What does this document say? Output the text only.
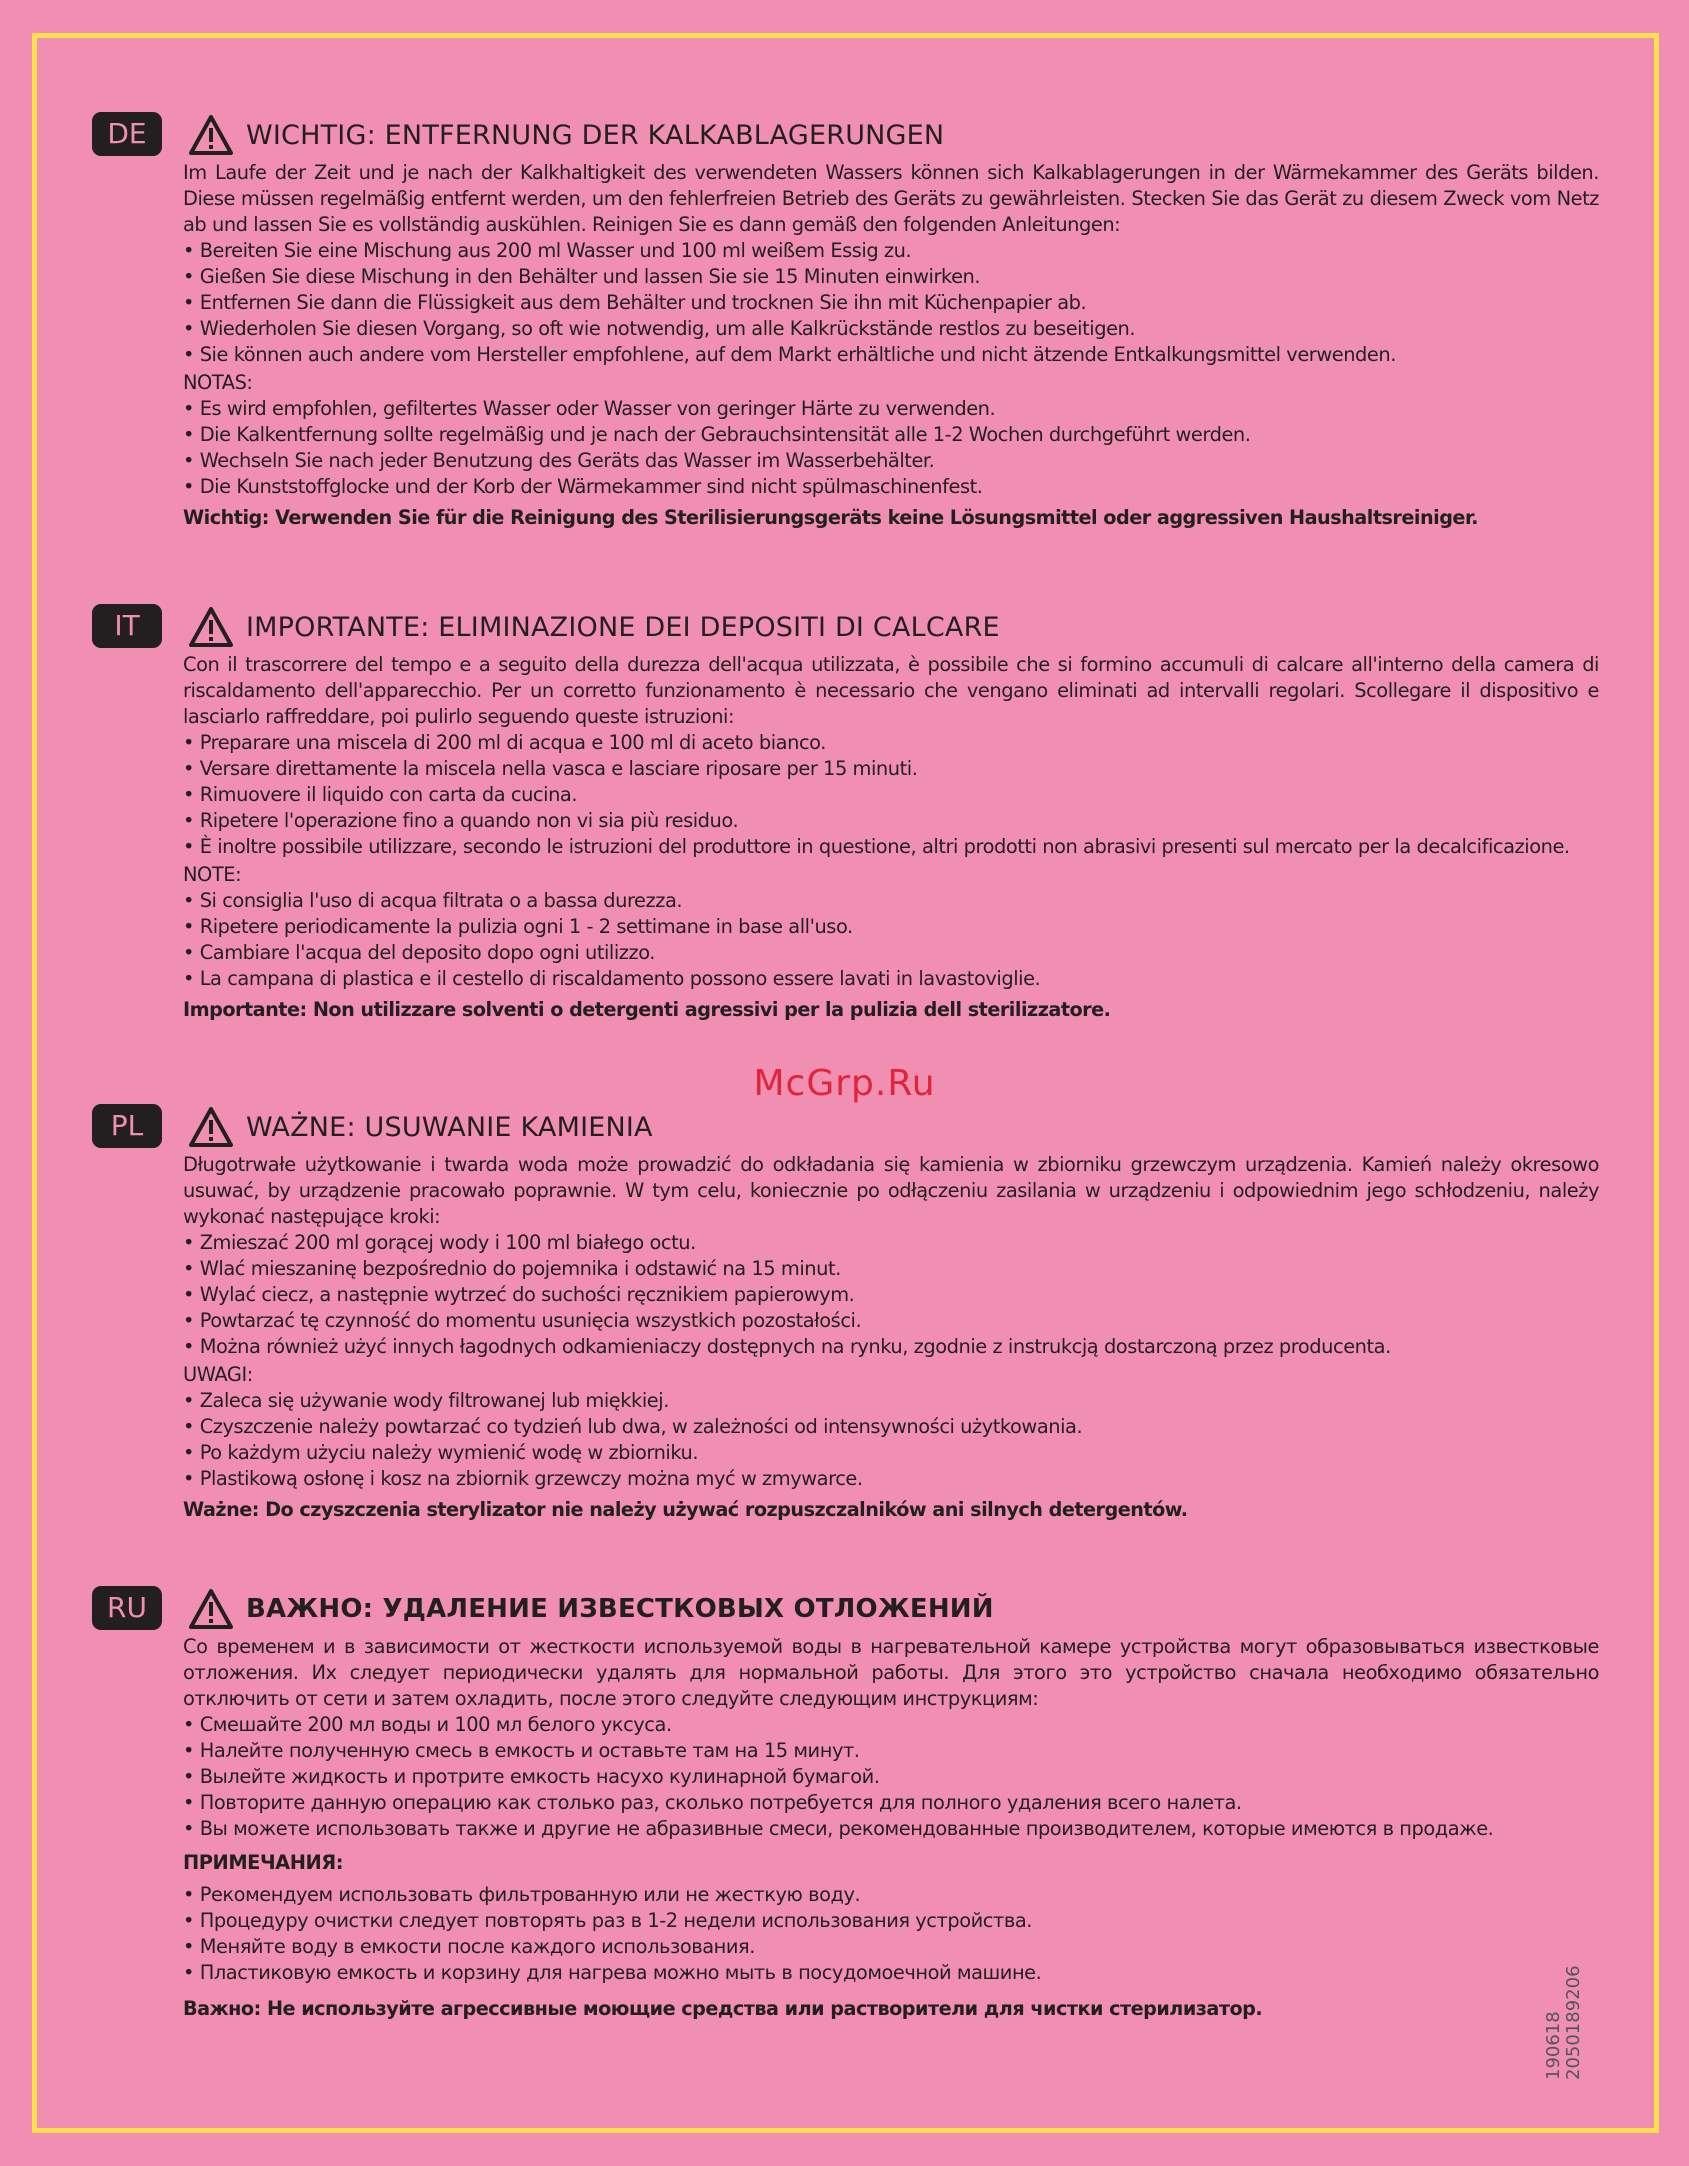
DE	WICHTIG: ENTFERNUNG DER KALKABLAGERUNGEN

Im Laufe der Zeit und je nach der Kalkhaltigkeit des verwendeten Wassers können sich Kalkablagerungen in der Wärmekammer des Geräts bilden. Diese müssen regelmäßig entfernt werden, um den fehlerfreien Betrieb des Geräts zu gewährleisten. Stecken Sie das Gerät zu diesem Zweck vom Netz ab und lassen Sie es vollständig auskühlen. Reinigen Sie es dann gemäß den folgenden Anleitungen:

• Bereiten Sie eine Mischung aus 200 ml Wasser und 100 ml weißem Essig zu.
• Gießen Sie diese Mischung in den Behälter und lassen Sie sie 15 Minuten einwirken.
• Entfernen Sie dann die Flüssigkeit aus dem Behälter und trocknen Sie ihn mit Küchenpapier ab.
• Wiederholen Sie diesen Vorgang, so oft wie notwendig, um alle Kalkrückstände restlos zu beseitigen.
• Sie können auch andere vom Hersteller empfohlene, auf dem Markt erhältliche und nicht ätzende Entkalkungsmittel verwenden.
NOTAS:
• Es wird empfohlen, gefiltertes Wasser oder Wasser von geringer Härte zu verwenden.
• Die Kalkentfernung sollte regelmäßig und je nach der Gebrauchsintensität alle 1-2 Wochen durchgeführt werden.
• Wechseln Sie nach jeder Benutzung des Geräts das Wasser im Wasserbehälter.
• Die Kunststoffglocke und der Korb der Wärmekammer sind nicht spülmaschinenfest.
Wichtig: Verwenden Sie für die Reinigung des Sterilisierungsgeräts keine Lösungsmittel oder aggressiven Haushaltsreiniger.
IT	IMPORTANTE: ELIMINAZIONE DEI DEPOSITI DI CALCARE

Con il trascorrere del tempo e a seguito della durezza dell'acqua utilizzata, è possibile che si formino accumuli di calcare all'interno della camera di riscaldamento dell'apparecchio. Per un corretto funzionamento è necessario che vengano eliminati ad intervalli regolari. Scollegare il dispositivo e lasciarlo raffreddare, poi pulirlo seguendo queste istruzioni:

• Preparare una miscela di 200 ml di acqua e 100 ml di aceto bianco.
• Versare direttamente la miscela nella vasca e lasciare riposare per 15 minuti.
• Rimuovere il liquido con carta da cucina.
• Ripetere l'operazione fino a quando non vi sia più residuo.
• È inoltre possibile utilizzare, secondo le istruzioni del produttore in questione, altri prodotti non abrasivi presenti sul mercato per la decalcificazione.
NOTE:
• Si consiglia l'uso di acqua filtrata o a bassa durezza.
• Ripetere periodicamente la pulizia ogni 1 - 2 settimane in base all'uso.
• Cambiare l'acqua del deposito dopo ogni utilizzo.
• La campana di plastica e il cestello di riscaldamento possono essere lavati in lavastoviglie.
Importante: Non utilizzare solventi o detergenti agressivi per la pulizia dell sterilizzatore.
McGrp.Ru
PL	WAŻNE: USUWANIE KAMIENIA

Długotrwałe użytkowanie i twarda woda może prowadzić do odkładania się kamienia w zbiorniku grzewczym urządzenia. Kamień należy okresowo usuwać, by urządzenie pracowało poprawnie. W tym celu, koniecznie po odłączeniu zasilania w urządzeniu i odpowiednim jego schłodzeniu, należy wykonać następujące kroki:

• Zmieszać 200 ml gorącej wody i 100 ml białego octu.
• Wlać mieszaninę bezpośrednio do pojemnika i odstawić na 15 minut.
• Wylać ciecz, a następnie wytrzeć do suchości ręcznikiem papierowym.
• Powtarzać tę czynność do momentu usunięcia wszystkich pozostałości.
• Można również użyć innych łagodnych odkamieniaczy dostępnych na rynku, zgodnie z instrukcją dostarczoną przez producenta.
UWAGI:
• Zaleca się używanie wody filtrowanej lub miękkiej.
• Czyszczenie należy powtarzać co tydzień lub dwa, w zależności od intensywności użytkowania.
• Po każdym użyciu należy wymienić wodę w zbiorniku.
• Plastikową osłonę i kosz na zbiornik grzewczy można myć w zmywarce.
Ważne: Do czyszczenia sterylizator nie należy używać rozpuszczalników ani silnych detergentów.
RU	ВАЖНО: УДАЛЕНИЕ ИЗВЕСТКОВЫХ ОТЛОЖЕНИЙ

Со временем и в зависимости от жесткости используемой воды в нагревательной камере устройства могут образовываться известковые отложения. Их следует периодически удалять для нормальной работы. Для этого это устройство сначала необходимо обязательно отключить от сети и затем охладить, после этого следуйте следующим инструкциям:

• Смешайте 200 мл воды и 100 мл белого уксуса.
• Налейте полученную смесь в емкость и оставьте там на 15 минут.
• Вылейте жидкость и протрите емкость насухо кулинарной бумагой.
• Повторите данную операцию как столько раз, сколько потребуется для полного удаления всего налета.
• Вы можете использовать также и другие не абразивные смеси, рекомендованные производителем, которые имеются в продаже.
ПРИМЕЧАНИЯ:
• Рекомендуем использовать фильтрованную или не жесткую воду.
• Процедуру очистки следует повторять раз в 1-2 недели использования устройства.
• Меняйте воду в емкости после каждого использования.
• Пластиковую емкость и корзину для нагрева можно мыть в посудомоечной машине.
Важно: Не используйте агрессивные моющие средства или растворители для чистки стерилизатор.
190618 2050189206
